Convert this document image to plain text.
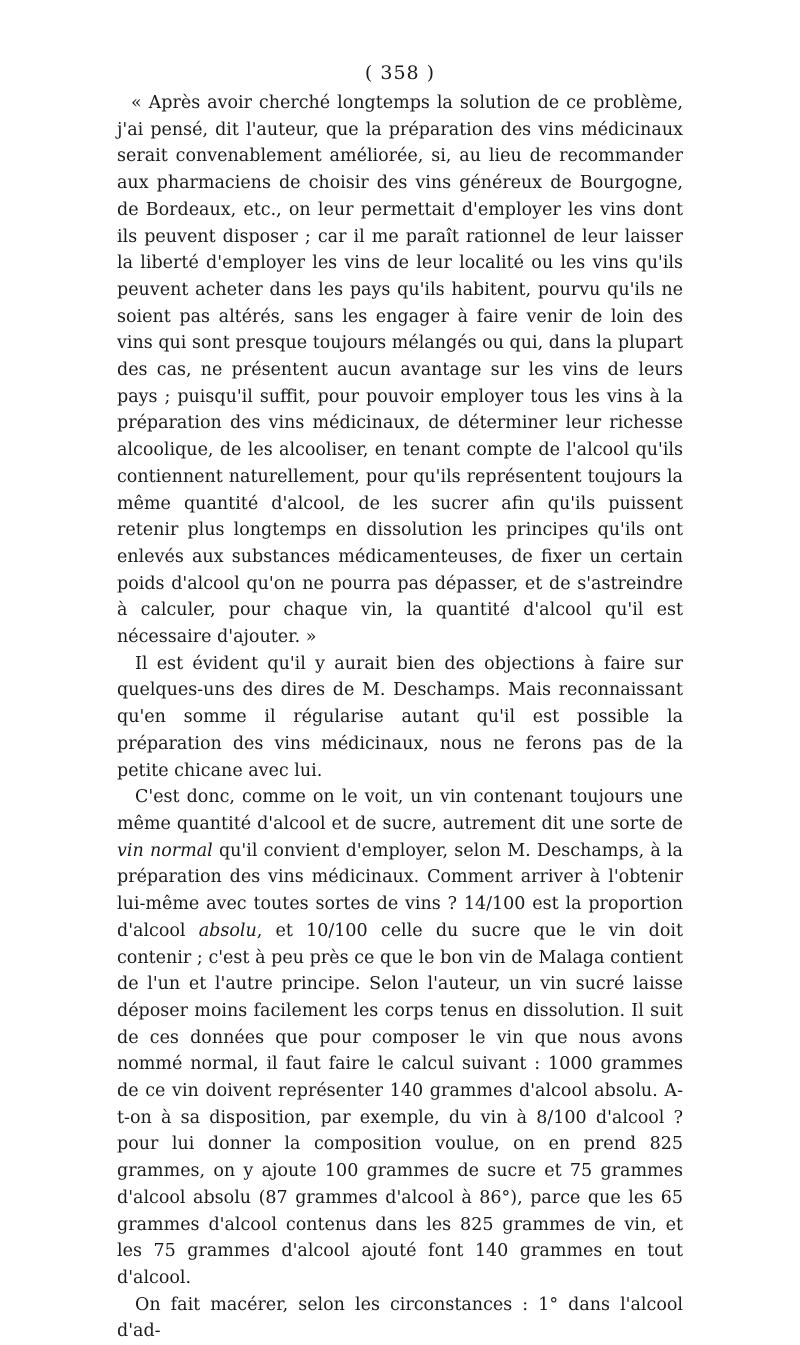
( 358 )

« Après avoir cherché longtemps la solution de ce problème, j'ai pensé, dit l'auteur, que la préparation des vins médicinaux serait convenablement améliorée, si, au lieu de recommander aux pharmaciens de choisir des vins généreux de Bourgogne, de Bordeaux, etc., on leur permettait d'employer les vins dont ils peuvent disposer ; car il me paraît rationnel de leur laisser la liberté d'employer les vins de leur localité ou les vins qu'ils peuvent acheter dans les pays qu'ils habitent, pourvu qu'ils ne soient pas altérés, sans les engager à faire venir de loin des vins qui sont presque toujours mélangés ou qui, dans la plupart des cas, ne présentent aucun avantage sur les vins de leurs pays ; puisqu'il suffit, pour pouvoir employer tous les vins à la préparation des vins médicinaux, de déterminer leur richesse alcoolique, de les alcooliser, en tenant compte de l'alcool qu'ils contiennent naturellement, pour qu'ils représentent toujours la même quantité d'alcool, de les sucrer afin qu'ils puissent retenir plus longtemps en dissolution les principes qu'ils ont enlevés aux substances médicamenteuses, de fixer un certain poids d'alcool qu'on ne pourra pas dépasser, et de s'astreindre à calculer, pour chaque vin, la quantité d'alcool qu'il est nécessaire d'ajouter. »

Il est évident qu'il y aurait bien des objections à faire sur quelques-uns des dires de M. Deschamps. Mais reconnaissant qu'en somme il régularise autant qu'il est possible la préparation des vins médicinaux, nous ne ferons pas de la petite chicane avec lui.

C'est donc, comme on le voit, un vin contenant toujours une même quantité d'alcool et de sucre, autrement dit une sorte de vin normal qu'il convient d'employer, selon M. Deschamps, à la préparation des vins médicinaux. Comment arriver à l'obtenir lui-même avec toutes sortes de vins ? 14/100 est la proportion d'alcool absolu, et 10/100 celle du sucre que le vin doit contenir ; c'est à peu près ce que le bon vin de Malaga contient de l'un et l'autre principe. Selon l'auteur, un vin sucré laisse déposer moins facilement les corps tenus en dissolution. Il suit de ces données que pour composer le vin que nous avons nommé normal, il faut faire le calcul suivant : 1000 grammes de ce vin doivent représenter 140 grammes d'alcool absolu. A-t-on à sa disposition, par exemple, du vin à 8/100 d'alcool ? pour lui donner la composition voulue, on en prend 825 grammes, on y ajoute 100 grammes de sucre et 75 grammes d'alcool absolu (87 grammes d'alcool à 86°), parce que les 65 grammes d'alcool contenus dans les 825 grammes de vin, et les 75 grammes d'alcool ajouté font 140 grammes en tout d'alcool.

On fait macérer, selon les circonstances : 1° dans l'alcool d'ad-
